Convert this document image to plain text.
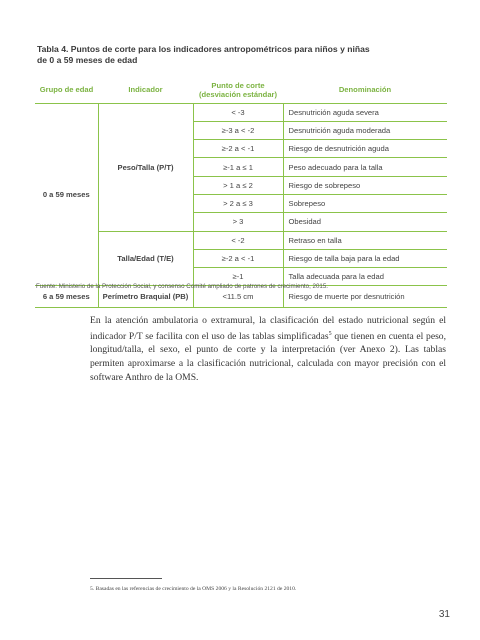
Tabla 4. Puntos de corte para los indicadores antropométricos para niños y niñas
de 0 a 59 meses de edad
Grupo de edad	Indicador	Punto de corte (desviación estándar)	Denominación
0 a 59 meses	Peso/Talla (P/T)	< -3	Desnutrición aguda severa
		≥-3 a < -2	Desnutrición aguda moderada
		≥-2 a < -1	Riesgo de desnutrición aguda
		≥-1 a ≤ 1	Peso adecuado para la talla
		> 1 a ≤ 2	Riesgo de sobrepeso
		> 2 a ≤ 3	Sobrepeso
		> 3	Obesidad
	Talla/Edad (T/E)	< -2	Retraso en talla
		≥-2 a < -1	Riesgo de talla baja para la edad
		≥-1	Talla adecuada para la edad
6 a 59 meses	Perímetro Braquial (PB)	<11.5 cm	Riesgo de muerte por desnutrición
Fuente: Ministerio de la Protección Social, y consenso Comité ampliado de patrones de crecimiento, 2015.

En la atención ambulatoria o extramural, la clasificación del estado nutricional según el indicador P/T se facilita con el uso de las tablas simplificadas$^5$ que tienen en cuenta el peso, longitud/talla, el sexo, el punto de corte y la interpretación (ver Anexo 2). Las tablas permiten aproximarse a la clasificación nutricional, calculada con mayor precisión con el software Anthro de la OMS.

5. Basadas en las referencias de crecimiento de la OMS 2006 y la Resolución 2121 de 2010.
31
